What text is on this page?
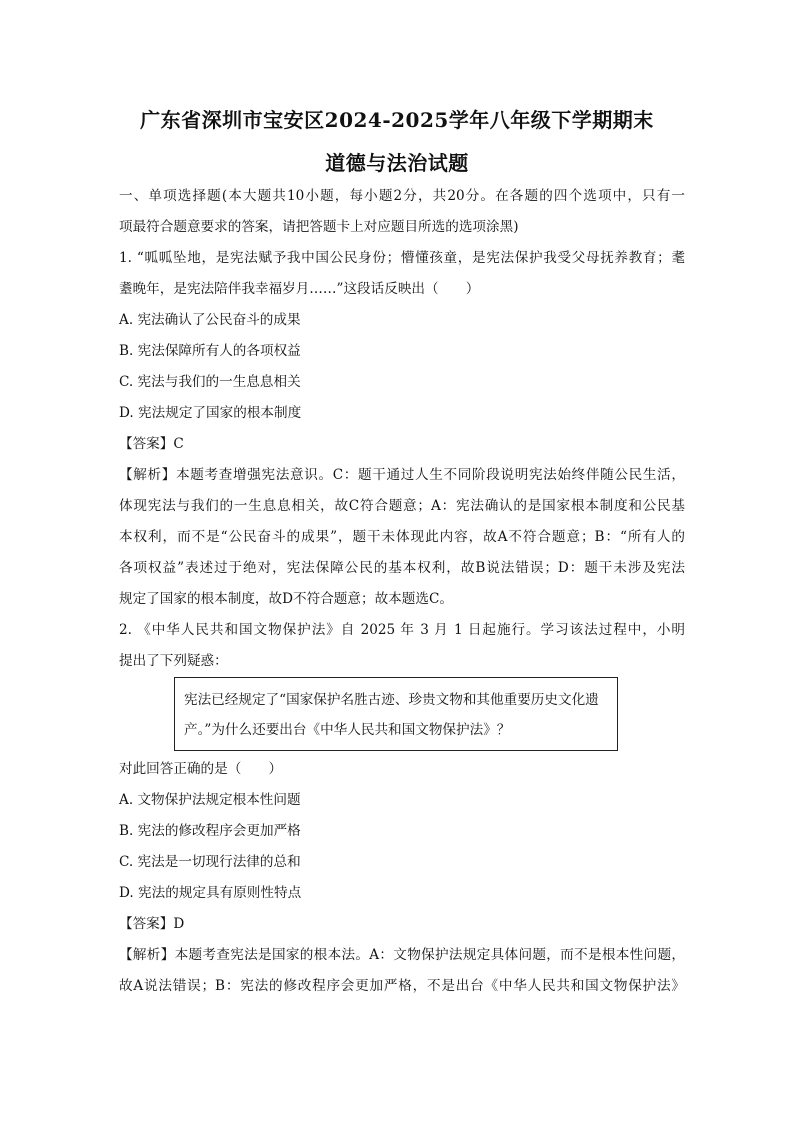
广东省深圳市宝安区2024-2025学年八年级下学期期末
道德与法治试题
一、单项选择题(本大题共10小题，每小题2分，共20分。在各题的四个选项中，只有一
项最符合题意要求的答案，请把答题卡上对应题目所选的选项涂黑)
1. “呱呱坠地，是宪法赋予我中国公民身份；懵懂孩童，是宪法保护我受父母抚养教育；耄
耋晚年，是宪法陪伴我幸福岁月……”这段话反映出（　　）
A. 宪法确认了公民奋斗的成果
B. 宪法保障所有人的各项权益
C. 宪法与我们的一生息息相关
D. 宪法规定了国家的根本制度
【答案】C
【解析】本题考查增强宪法意识。C：题干通过人生不同阶段说明宪法始终伴随公民生活，
体现宪法与我们的一生息息相关，故C符合题意；A：宪法确认的是国家根本制度和公民基
本权利，而不是“公民奋斗的成果”，题干未体现此内容，故A不符合题意；B：“所有人的
各项权益”表述过于绝对，宪法保障公民的基本权利，故B说法错误；D：题干未涉及宪法
规定了国家的根本制度，故D不符合题意；故本题选C。
2. 《中华人民共和国文物保护法》自 2025 年 3 月 1 日起施行。学习该法过程中，小明
提出了下列疑惑：
宪法已经规定了“国家保护名胜古迹、珍贵文物和其他重要历史文化遗
产。”为什么还要出台《中华人民共和国文物保护法》？
对此回答正确的是（　　）
A. 文物保护法规定根本性问题
B. 宪法的修改程序会更加严格
C. 宪法是一切现行法律的总和
D. 宪法的规定具有原则性特点
【答案】D
【解析】本题考查宪法是国家的根本法。A：文物保护法规定具体问题，而不是根本性问题，
故A说法错误；B：宪法的修改程序会更加严格，不是出台《中华人民共和国文物保护法》
